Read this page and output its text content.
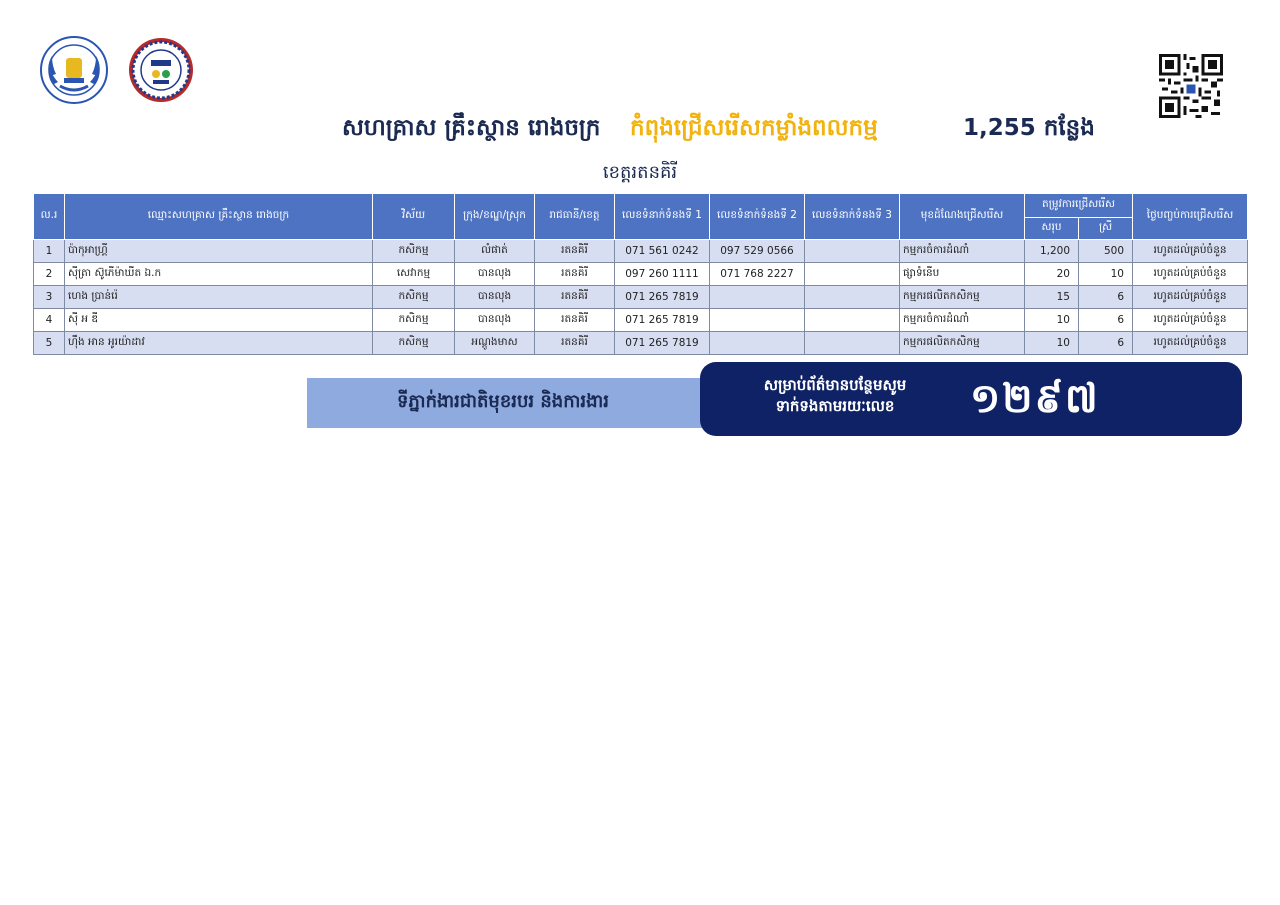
សហគ្រាស គ្រឹះស្ថាន រោងចក្រ កំពុងជ្រើសរើសកម្លាំងពលកម្ម	1,255 កន្លែង
ខេត្តរតនគិរី
ល.រ	ឈ្មោះសហគ្រាស គ្រឹះស្ថាន រោងចក្រ	វិស័យ	ក្រុង/ខណ្ឌ/ស្រុក	រាជធានី/ខេត្ត	លេខទំនាក់ទំនងទី 1	លេខទំនាក់ទំនងទី 2	លេខទំនាក់ទំនងទី 3	មុខដំណែងជ្រើសរើស	តម្រូវការជ្រើសរើស		ថ្ងៃបញ្ចប់ការជ្រើសរើស
									សរុប	ស្រី	
1	ប៉ាកុអាហ្គ្រី	កសិកម្ម	លំផាត់	រតនគិរី	071 561 0242	097 529 0566		កម្មករចំការដំណាំ	1,200	500	រហូតដល់គ្រប់ចំនួន
2	ស៊ីត្រា ស៊ូភើម៉ាឃីត ឯ.ក	សេវាកម្ម	បានលុង	រតនគិរី	097 260 1111	071 768 2227		ផ្សាទំនើប	20	10	រហូតដល់គ្រប់ចំនួន
3	ហេង ប្រាន់រ៉េ	កសិកម្ម	បានលុង	រតនគិរី	071 265 7819			កម្មករផលិតកសិកម្ម	15	6	រហូតដល់គ្រប់ចំនួន
4	ស៊ី អ ឌី	កសិកម្ម	បានលុង	រតនគិរី	071 265 7819			កម្មករចំការដំណាំ	10	6	រហូតដល់គ្រប់ចំនួន
5	ហ៊ឹង អាន អូរយ៉ាដាវ	កសិកម្ម	អណ្តូងមាស	រតនគិរី	071 265 7819			កម្មករផលិតកសិកម្ម	10	6	រហូតដល់គ្រប់ចំនួន
ទីភ្នាក់ងារជាតិមុខរបរ និងការងារ
សម្រាប់ព័ត៌មានបន្ថែមសូម
ទាក់ទងតាមរយៈលេខ	១២៩៧
